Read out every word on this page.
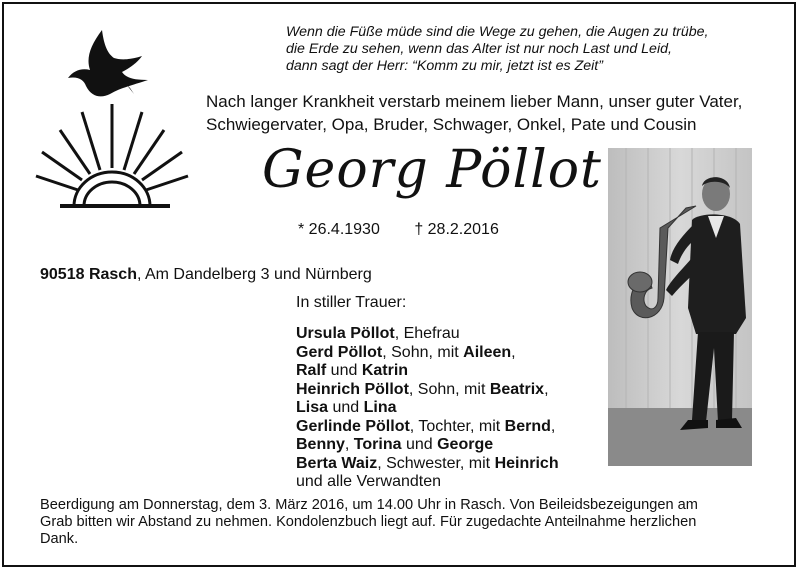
Wenn die Füße müde sind die Wege zu gehen, die Augen zu trübe,
die Erde zu sehen, wenn das Alter ist nur noch Last und Leid,
dann sagt der Herr: “Komm zu mir, jetzt ist es Zeit”
Nach langer Krankheit verstarb meinem lieber Mann, unser guter Vater,
Schwiegervater, Opa, Bruder, Schwager, Onkel, Pate und Cousin
Georg Pöllot
* 26.4.1930 † 28.2.2016
90518 Rasch, Am Dandelberg 3 und Nürnberg
In stiller Trauer:
Ursula Pöllot, Ehefrau
Gerd Pöllot, Sohn, mit Aileen,
Ralf und Katrin
Heinrich Pöllot, Sohn, mit Beatrix,
Lisa und Lina
Gerlinde Pöllot, Tochter, mit Bernd,
Benny, Torina und George
Berta Waiz, Schwester, mit Heinrich
und alle Verwandten
Beerdigung am Donnerstag, dem 3. März 2016, um 14.00 Uhr in Rasch. Von Beileidsbezeigungen am
Grab bitten wir Abstand zu nehmen. Kondolenzbuch liegt auf. Für zugedachte Anteilnahme herzlichen
Dank.
